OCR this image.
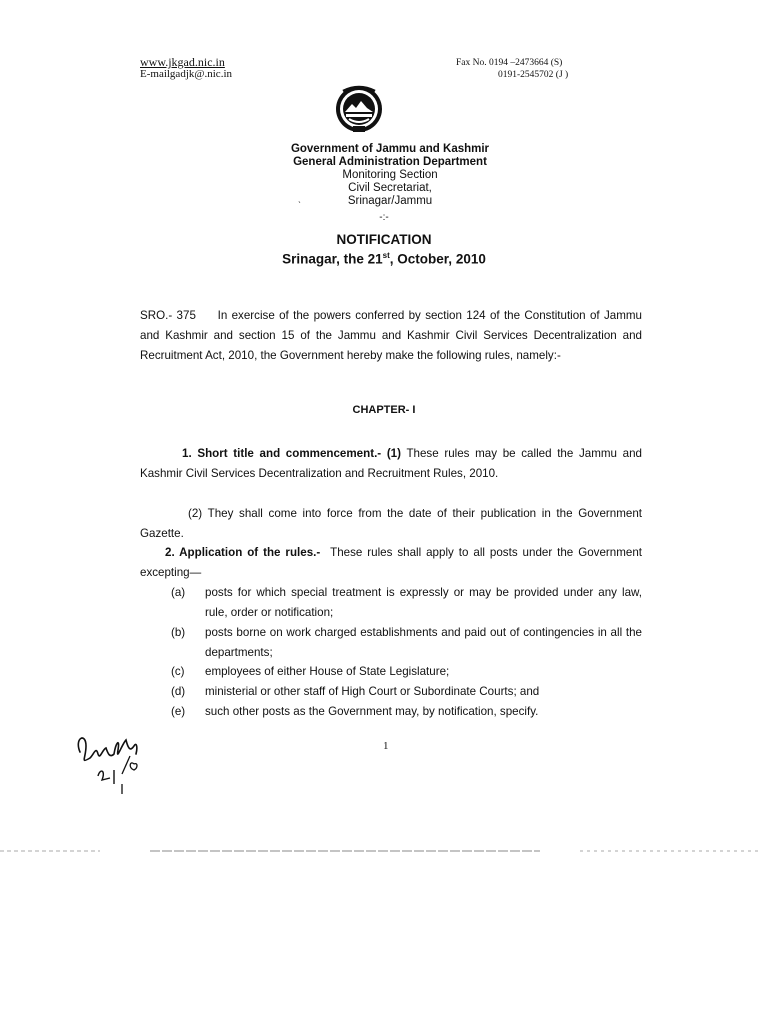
www.jkgad.nic.in
E-mailgadjk@.nic.in
Fax No. 0194 –2473664 (S)
0191-2545702 (J )
Government of Jammu and Kashmir
General Administration Department
Monitoring Section
Civil Secretariat,
Srinagar/Jammu
ˎ
-:-
NOTIFICATION
Srinagar, the 21st, October, 2010
SRO.- 375 In exercise of the powers conferred by section 124 of the Constitution of Jammu and Kashmir and section 15 of the Jammu and Kashmir Civil Services Decentralization and Recruitment Act, 2010, the Government hereby make the following rules, namely:-
CHAPTER- I
1. Short title and commencement.- (1) These rules may be called the Jammu and Kashmir Civil Services Decentralization and Recruitment Rules, 2010.
(2) They shall come into force from the date of their publication in the Government Gazette.
2. Application of the rules.- These rules shall apply to all posts under the Government excepting—
(a) posts for which special treatment is expressly or may be provided under any law, rule, order or notification;
(b) posts borne on work charged establishments and paid out of contingencies in all the departments;
(c) employees of either House of State Legislature;
(d) ministerial or other staff of High Court or Subordinate Courts; and
(e) such other posts as the Government may, by notification, specify.
1
